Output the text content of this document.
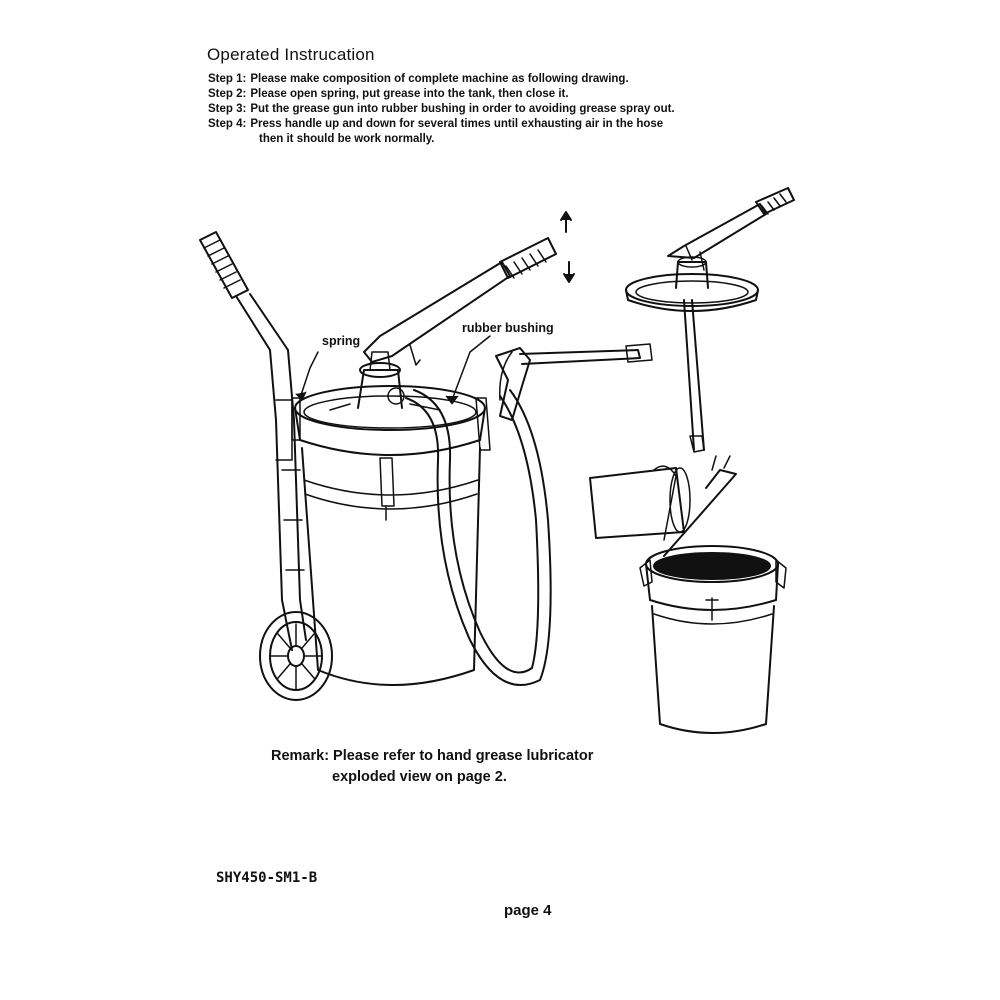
Operated Instrucation
Step 1: Please make composition of complete machine as following drawing.
Step 2: Please open spring, put grease into the tank, then close it.
Step 3: Put the grease gun into rubber bushing in order to avoiding grease spray out.
Step 4: Press handle up and down for several times until exhausting air in the hose
then it should be work normally.
spring
rubber bushing
Remark: Please refer to hand grease lubricator
exploded view on page 2.
SHY450-SM1-B
page 4
